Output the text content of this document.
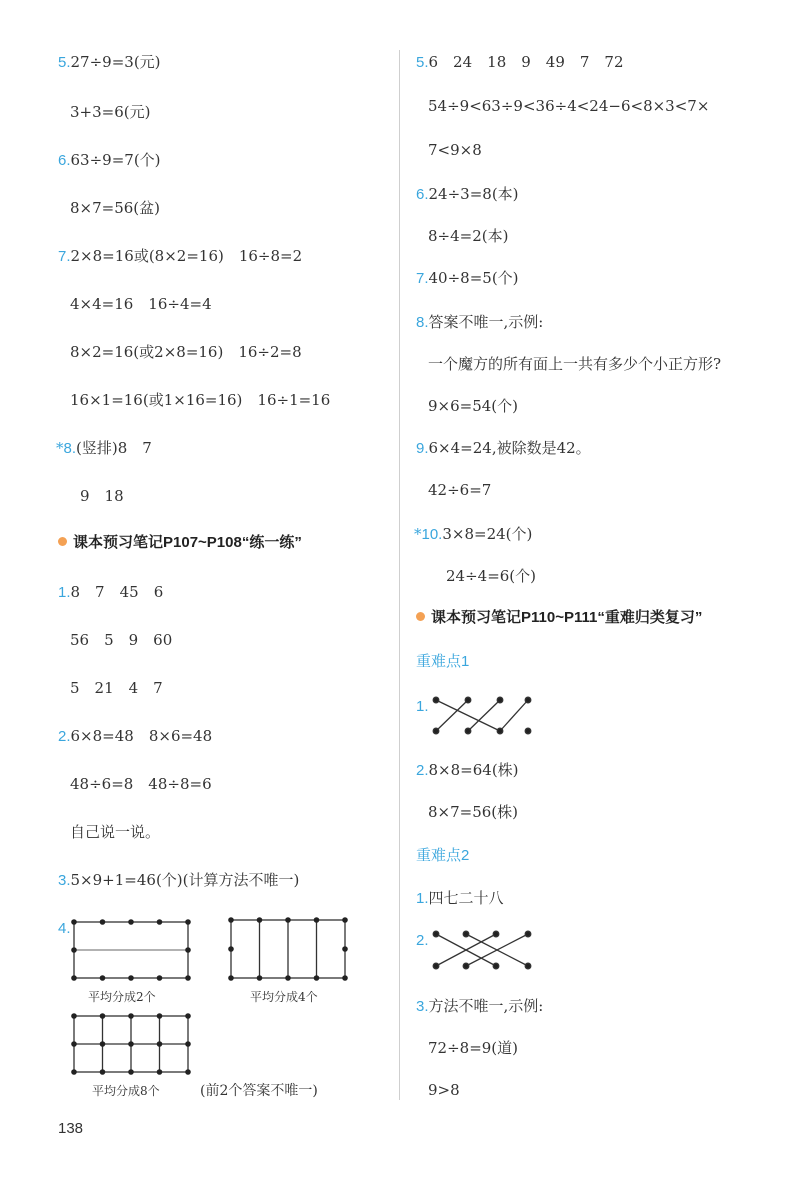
5.27÷9=3(元)
3+3=6(元)
6.63÷9=7(个)
8×7=56(盆)
7.2×8=16或(8×2=16)　16÷8=2
4×4=16　16÷4=4
8×2=16(或2×8=16)　16÷2=8
16×1=16(或1×16=16)　16÷1=16
*8.(竖排)8　7
9　18
课本预习笔记P107~P108“练一练”
1.8　7　45　6
56　5　9　60
5　21　4　7
2.6×8=48　8×6=48
48÷6=8　48÷8=6
自己说一说。
3.5×9+1=46(个)(计算方法不唯一)
4.
平均分成2个	平均分成4个
平均分成8个	(前2个答案不唯一)
138
5.6　24　18　9　49　7　72
54÷9<63÷9<36÷4<24−6<8×3<7×
7<9×8
6.24÷3=8(本)
8÷4=2(本)
7.40÷8=5(个)
8.答案不唯一,示例:
一个魔方的所有面上一共有多少个小正方形?
9×6=54(个)
9.6×4=24,被除数是42。
42÷6=7
*10.3×8=24(个)
24÷4=6(个)
课本预习笔记P110~P111“重难归类复习”
重难点1
1.
2.8×8=64(株)
8×7=56(株)
重难点2
1.四七二十八
2.
3.方法不唯一,示例:
72÷8=9(道)
9>8
